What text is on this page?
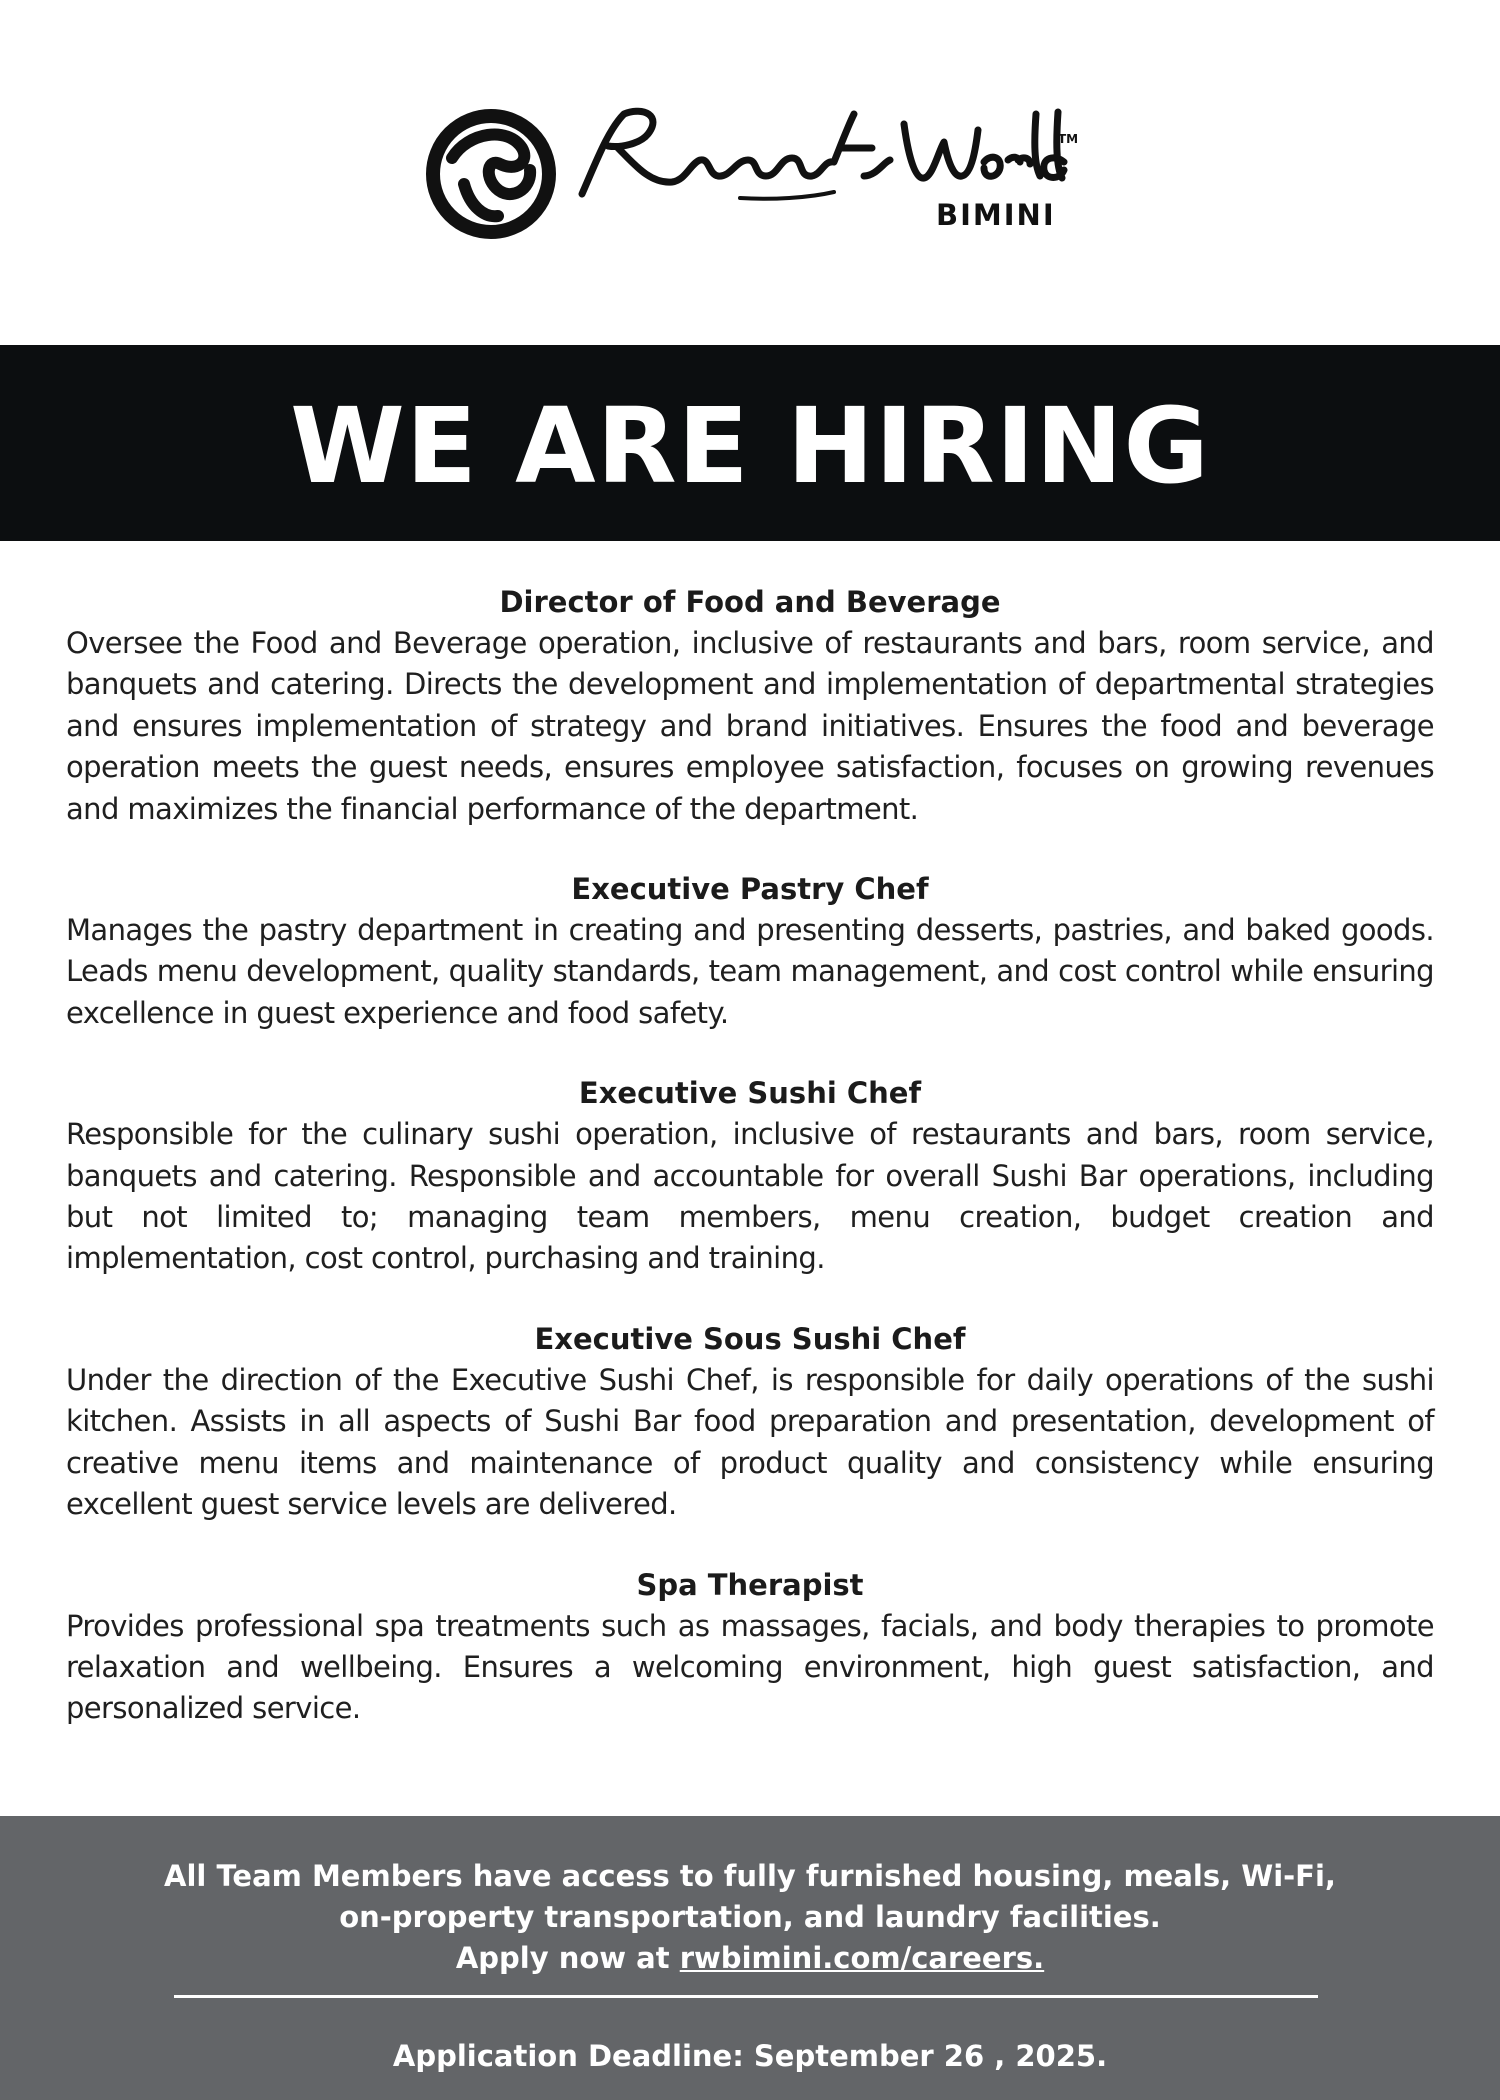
TM
BIMINI
WE ARE HIRING
Director of Food and Beverage
Oversee the Food and Beverage operation, inclusive of restaurants and bars, room service, and banquets and catering. Directs the development and implementation of departmental strategies and ensures implementation of strategy and brand initiatives. Ensures the food and beverage operation meets the guest needs, ensures employee satisfaction, focuses on growing revenues and maximizes the financial performance of the department.
Executive Pastry Chef
Manages the pastry department in creating and presenting desserts, pastries, and baked goods. Leads menu development, quality standards, team management, and cost control while ensuring excellence in guest experience and food safety.
Executive Sushi Chef
Responsible for the culinary sushi operation, inclusive of restaurants and bars, room service, banquets and catering. Responsible and accountable for overall Sushi Bar operations, including but not limited to; managing team members, menu creation, budget creation and implementation, cost control, purchasing and training.
Executive Sous Sushi Chef
Under the direction of the Executive Sushi Chef, is responsible for daily operations of the sushi kitchen. Assists in all aspects of Sushi Bar food preparation and presentation, development of creative menu items and maintenance of product quality and consistency while ensuring excellent guest service levels are delivered.
Spa Therapist
Provides professional spa treatments such as massages, facials, and body therapies to promote relaxation and wellbeing. Ensures a welcoming environment, high guest satisfaction, and personalized service.
All Team Members have access to fully furnished housing, meals, Wi-Fi,
on-property transportation, and laundry facilities.
Apply now at rwbimini.com/careers.
Application Deadline: September 26 , 2025.
